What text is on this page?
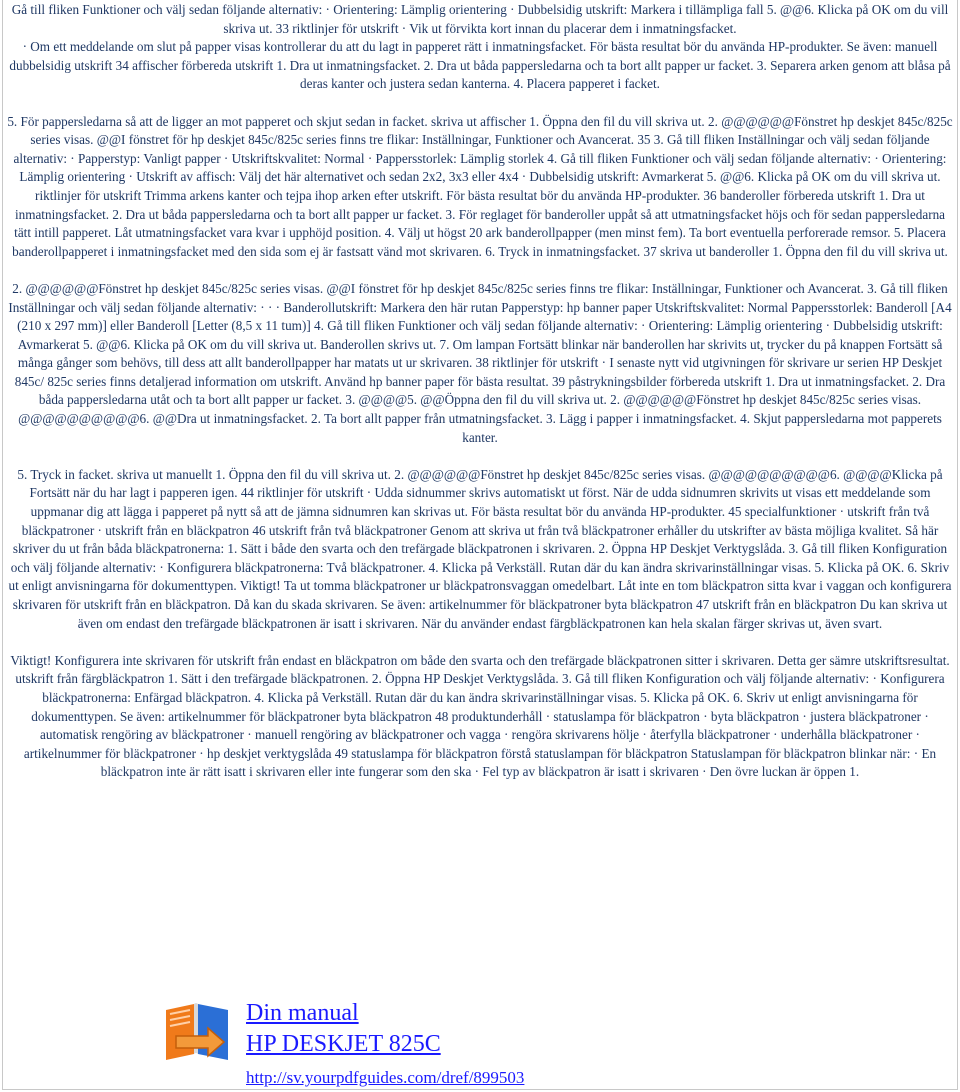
Gå till fliken Funktioner och välj sedan följande alternativ: · Orientering: Lämplig orientering · Dubbelsidig utskrift: Markera i tillämpliga fall 5. @@6. Klicka på OK om du vill skriva ut. 33 riktlinjer för utskrift · Vik ut förvikta kort innan du placerar dem i inmatningsfacket.

· Om ett meddelande om slut på papper visas kontrollerar du att du lagt in papperet rätt i inmatningsfacket. För bästa resultat bör du använda HP-produkter. Se även: manuell dubbelsidig utskrift 34 affischer förbereda utskrift 1. Dra ut inmatningsfacket. 2. Dra ut båda pappersledarna och ta bort allt papper ur facket. 3. Separera arken genom att blåsa på deras kanter och justera sedan kanterna. 4. Placera papperet i facket.

5. För pappersledarna så att de ligger an mot papperet och skjut sedan in facket. skriva ut affischer 1. Öppna den fil du vill skriva ut. 2. @@@@@@Fönstret hp deskjet 845c/825c series visas. @@I fönstret för hp deskjet 845c/825c series finns tre flikar: Inställningar, Funktioner och Avancerat. 35 3. Gå till fliken Inställningar och välj sedan följande alternativ: · Papperstyp: Vanligt papper · Utskriftskvalitet: Normal · Pappersstorlek: Lämplig storlek 4. Gå till fliken Funktioner och välj sedan följande alternativ: · Orientering: Lämplig orientering · Utskrift av affisch: Välj det här alternativet och sedan 2x2, 3x3 eller 4x4 · Dubbelsidig utskrift: Avmarkerat 5. @@6. Klicka på OK om du vill skriva ut. riktlinjer för utskrift Trimma arkens kanter och tejpa ihop arken efter utskrift. För bästa resultat bör du använda HP-produkter. 36 banderoller förbereda utskrift 1. Dra ut inmatningsfacket. 2. Dra ut båda pappersledarna och ta bort allt papper ur facket. 3. För reglaget för banderoller uppåt så att utmatningsfacket höjs och för sedan pappersledarna tätt intill papperet. Låt utmatningsfacket vara kvar i upphöjd position. 4. Välj ut högst 20 ark banderollpapper (men minst fem). Ta bort eventuella perforerade remsor. 5. Placera banderollpapperet i inmatningsfacket med den sida som ej är fastsatt vänd mot skrivaren. 6. Tryck in inmatningsfacket. 37 skriva ut banderoller 1. Öppna den fil du vill skriva ut.

2. @@@@@@Fönstret hp deskjet 845c/825c series visas. @@I fönstret för hp deskjet 845c/825c series finns tre flikar: Inställningar, Funktioner och Avancerat. 3. Gå till fliken Inställningar och välj sedan följande alternativ: · · · Banderollutskrift: Markera den här rutan Papperstyp: hp banner paper Utskriftskvalitet: Normal Pappersstorlek: Banderoll [A4 (210 x 297 mm)] eller Banderoll [Letter (8,5 x 11 tum)] 4. Gå till fliken Funktioner och välj sedan följande alternativ: · Orientering: Lämplig orientering · Dubbelsidig utskrift: Avmarkerat 5. @@6. Klicka på OK om du vill skriva ut. Banderollen skrivs ut. 7. Om lampan Fortsätt blinkar när banderollen har skrivits ut, trycker du på knappen Fortsätt så många gånger som behövs, till dess att allt banderollpapper har matats ut ur skrivaren. 38 riktlinjer för utskrift · I senaste nytt vid utgivningen för skrivare ur serien HP Deskjet 845c/ 825c series finns detaljerad information om utskrift. Använd hp banner paper för bästa resultat. 39 påstrykningsbilder förbereda utskrift 1. Dra ut inmatningsfacket. 2. Dra båda pappersledarna utåt och ta bort allt papper ur facket. 3. @@@@5. @@Öppna den fil du vill skriva ut. 2. @@@@@@Fönstret hp deskjet 845c/825c series visas. @@@@@@@@@@6. @@Dra ut inmatningsfacket. 2. Ta bort allt papper från utmatningsfacket. 3. Lägg i papper i inmatningsfacket. 4. Skjut pappersledarna mot papperets kanter.

5. Tryck in facket. skriva ut manuellt 1. Öppna den fil du vill skriva ut. 2. @@@@@@Fönstret hp deskjet 845c/825c series visas. @@@@@@@@@@6. @@@@Klicka på Fortsätt när du har lagt i papperen igen. 44 riktlinjer för utskrift · Udda sidnummer skrivs automatiskt ut först. När de udda sidnumren skrivits ut visas ett meddelande som uppmanar dig att lägga i papperet på nytt så att de jämna sidnumren kan skrivas ut. För bästa resultat bör du använda HP-produkter. 45 specialfunktioner · utskrift från två bläckpatroner · utskrift från en bläckpatron 46 utskrift från två bläckpatroner Genom att skriva ut från två bläckpatroner erhåller du utskrifter av bästa möjliga kvalitet. Så här skriver du ut från båda bläckpatronerna: 1. Sätt i både den svarta och den trefärgade bläckpatronen i skrivaren. 2. Öppna HP Deskjet Verktygslåda. 3. Gå till fliken Konfiguration och välj följande alternativ: · Konfigurera bläckpatronerna: Två bläckpatroner. 4. Klicka på Verkställ. Rutan där du kan ändra skrivarinställningar visas. 5. Klicka på OK. 6. Skriv ut enligt anvisningarna för dokumenttypen. Viktigt! Ta ut tomma bläckpatroner ur bläckpatronsvaggan omedelbart. Låt inte en tom bläckpatron sitta kvar i vaggan och konfigurera skrivaren för utskrift från en bläckpatron. Då kan du skada skrivaren. Se även: artikelnummer för bläckpatroner byta bläckpatron 47 utskrift från en bläckpatron Du kan skriva ut även om endast den trefärgade bläckpatronen är isatt i skrivaren. När du använder endast färgbläckpatronen kan hela skalan färger skrivas ut, även svart.

Viktigt! Konfigurera inte skrivaren för utskrift från endast en bläckpatron om både den svarta och den trefärgade bläckpatronen sitter i skrivaren. Detta ger sämre utskriftsresultat. utskrift från färgbläckpatron 1. Sätt i den trefärgade bläckpatronen. 2. Öppna HP Deskjet Verktygslåda. 3. Gå till fliken Konfiguration och välj följande alternativ: · Konfigurera bläckpatronerna: Enfärgad bläckpatron. 4. Klicka på Verkställ. Rutan där du kan ändra skrivarinställningar visas. 5. Klicka på OK. 6. Skriv ut enligt anvisningarna för dokumenttypen. Se även: artikelnummer för bläckpatroner byta bläckpatron 48 produktunderhåll · statuslampa för bläckpatron · byta bläckpatron · justera bläckpatroner · automatisk rengöring av bläckpatroner · manuell rengöring av bläckpatroner och vagga · rengöra skrivarens hölje · återfylla bläckpatroner · underhålla bläckpatroner · artikelnummer för bläckpatroner · hp deskjet verktygslåda 49 statuslampa för bläckpatron förstå statuslampan för bläckpatron Statuslampan för bläckpatron blinkar när: · En bläckpatron inte är rätt isatt i skrivaren eller inte fungerar som den ska · Fel typ av bläckpatron är isatt i skrivaren · Den övre luckan är öppen 1.

Din manual
HP DESKJET 825C
http://sv.yourpdfguides.com/dref/899503
